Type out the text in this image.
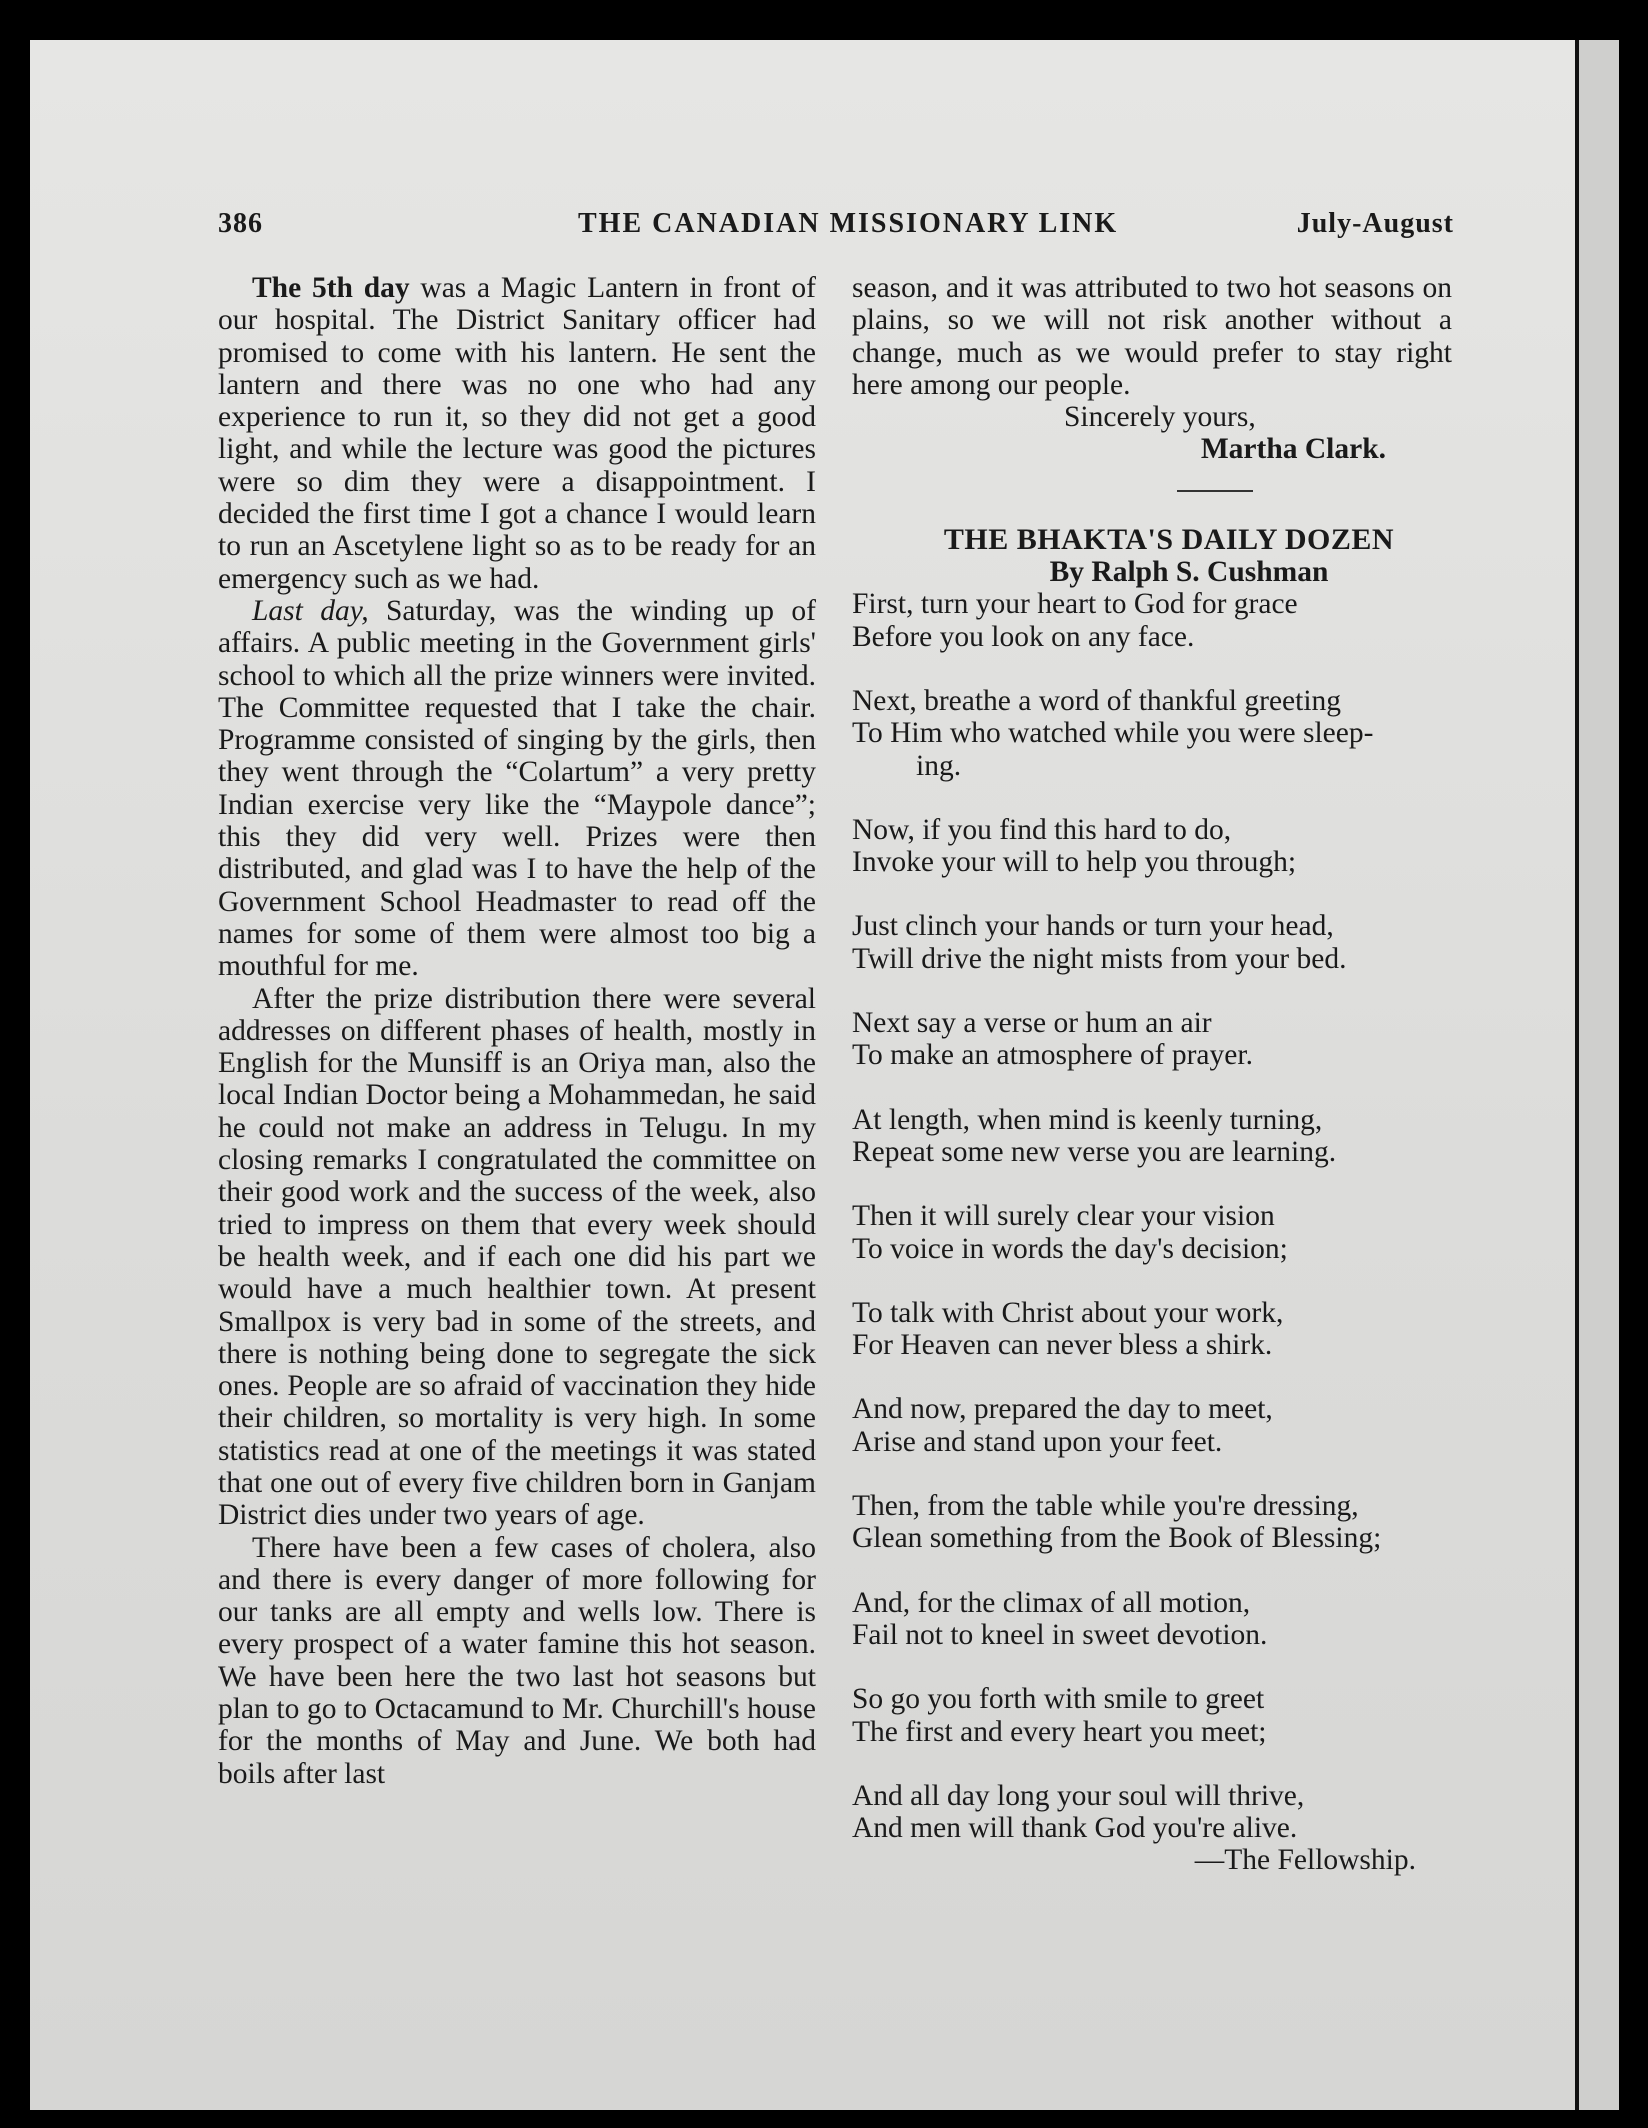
386	THE CANADIAN MISSIONARY LINK	July-August

The 5th day was a Magic Lantern in front of our hospital. The District Sanitary officer had promised to come with his lantern. He sent the lantern and there was no one who had any experience to run it, so they did not get a good light, and while the lecture was good the pictures were so dim they were a disappointment. I decided the first time I got a chance I would learn to run an Ascetylene light so as to be ready for an emergency such as we had.

Last day, Saturday, was the winding up of affairs. A public meeting in the Government girls' school to which all the prize winners were invited. The Committee requested that I take the chair. Programme consisted of singing by the girls, then they went through the “Colartum” a very pretty Indian exercise very like the “Maypole dance”; this they did very well. Prizes were then distributed, and glad was I to have the help of the Government School Headmaster to read off the names for some of them were almost too big a mouthful for me.

After the prize distribution there were several addresses on different phases of health, mostly in English for the Munsiff is an Oriya man, also the local Indian Doctor being a Mohammedan, he said he could not make an address in Telugu. In my closing remarks I congratulated the committee on their good work and the success of the week, also tried to impress on them that every week should be health week, and if each one did his part we would have a much healthier town. At present Smallpox is very bad in some of the streets, and there is nothing being done to segregate the sick ones. People are so afraid of vaccination they hide their children, so mortality is very high. In some statistics read at one of the meetings it was stated that one out of every five children born in Ganjam District dies under two years of age.

There have been a few cases of cholera, also and there is every danger of more following for our tanks are all empty and wells low. There is every prospect of a water famine this hot season. We have been here the two last hot seasons but plan to go to Octacamund to Mr. Churchill's house for the months of May and June. We both had boils after last

season, and it was attributed to two hot seasons on plains, so we will not risk another without a change, much as we would prefer to stay right here among our people.

Sincerely yours,

Martha Clark.

THE BHAKTA'S DAILY DOZEN

By Ralph S. Cushman

First, turn your heart to God for grace
Before you look on any face.
Next, breathe a word of thankful greeting
To Him who watched while you were sleep-
ing.
Now, if you find this hard to do,
Invoke your will to help you through;
Just clinch your hands or turn your head,
Twill drive the night mists from your bed.
Next say a verse or hum an air
To make an atmosphere of prayer.
At length, when mind is keenly turning,
Repeat some new verse you are learning.
Then it will surely clear your vision
To voice in words the day's decision;
To talk with Christ about your work,
For Heaven can never bless a shirk.
And now, prepared the day to meet,
Arise and stand upon your feet.
Then, from the table while you're dressing,
Glean something from the Book of Blessing;
And, for the climax of all motion,
Fail not to kneel in sweet devotion.
So go you forth with smile to greet
The first and every heart you meet;
And all day long your soul will thrive,
And men will thank God you're alive.
—The Fellowship.
